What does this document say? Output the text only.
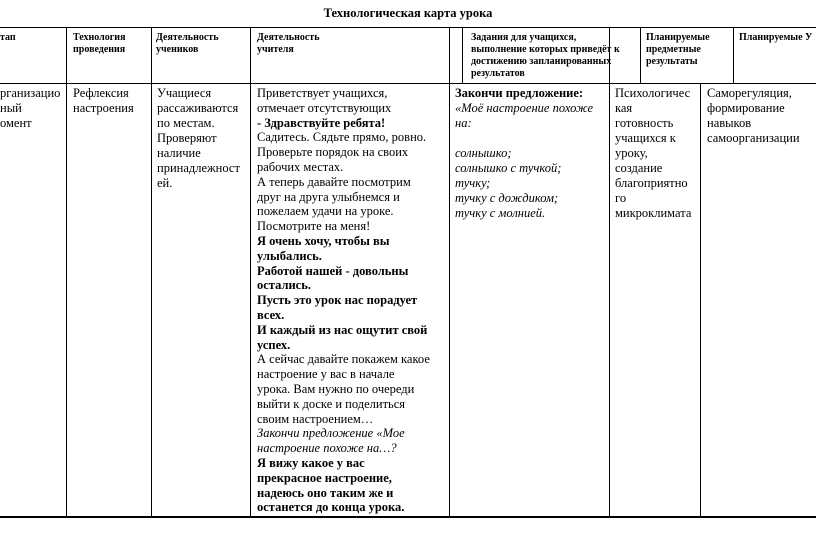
Технологическая карта урока
тап	Технология
проведения
Деятельность
учеников
Деятельность
учителя
Задания для учащихся,
выполнение которых приведёт к
достижению запланированных
результатов
Планируемые
предметные
результаты
Планируемые У
рганизацио
ный
омент
Рефлексия
настроения
Учащиеся
рассаживаются
по местам.
Проверяют
наличие
принадлежност
ей.
Приветствует учащихся,
отмечает отсутствующих
- Здравствуйте ребята!
Садитесь. Сядьте прямо, ровно.
Проверьте порядок на своих
рабочих местах.
А теперь давайте посмотрим
друг на друга улыбнемся и
пожелаем удачи на уроке.
Посмотрите на меня!
Я очень хочу, чтобы вы
улыбались.
Работой нашей - довольны
остались.
Пусть это урок нас порадует
всех.
И каждый из нас ощутит свой
успех.
А сейчас давайте покажем какое
настроение у вас в начале
урока. Вам нужно по очереди
выйти к доске и поделиться
своим настроением…
Закончи предложение «Мое
настроение похоже на…?
Я вижу какое у вас
прекрасное настроение,
надеюсь оно таким же и
останется до конца урока.
Закончи предложение:
«Моё настроение похоже
на:
солнышко;
солнышко с тучкой;
тучку;
тучку с дождиком;
тучку с молнией.
Психологичес
кая
готовность
учащихся к
уроку,
создание
благоприятно
го
микроклимата
Саморегуляция,
формирование
навыков
самоорганизации
